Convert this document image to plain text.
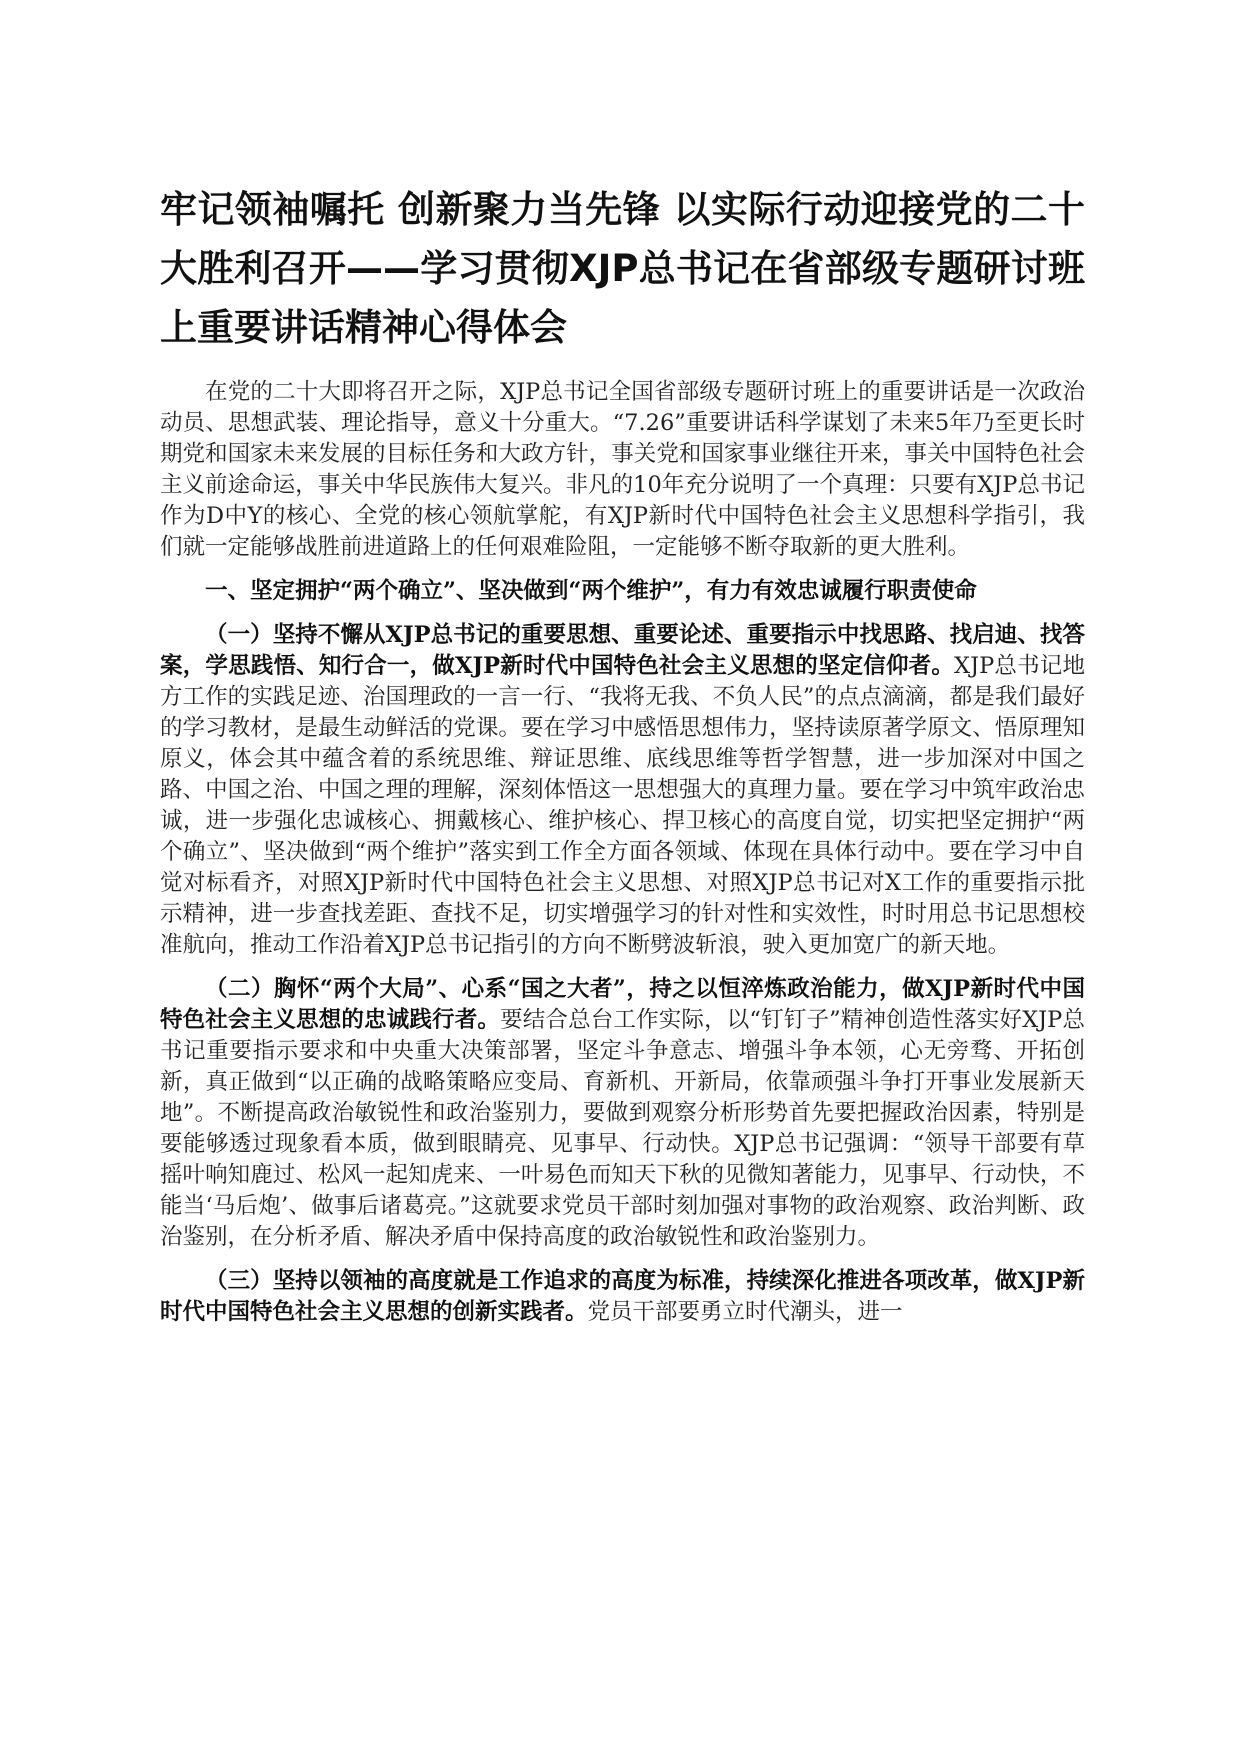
牢记领袖嘱托 创新聚力当先锋 以实际行动迎接党的二十大胜利召开——学习贯彻XJP总书记在省部级专题研讨班上重要讲话精神心得体会

在党的二十大即将召开之际，XJP总书记全国省部级专题研讨班上的重要讲话是一次政治动员、思想武装、理论指导，意义十分重大。“7.26”重要讲话科学谋划了未来5年乃至更长时期党和国家未来发展的目标任务和大政方针，事关党和国家事业继往开来，事关中国特色社会主义前途命运，事关中华民族伟大复兴。非凡的10年充分说明了一个真理：只要有XJP总书记作为D中Y的核心、全党的核心领航掌舵，有XJP新时代中国特色社会主义思想科学指引，我们就一定能够战胜前进道路上的任何艰难险阻，一定能够不断夺取新的更大胜利。

一、坚定拥护“两个确立”、坚决做到“两个维护”，有力有效忠诚履行职责使命

（一）坚持不懈从XJP总书记的重要思想、重要论述、重要指示中找思路、找启迪、找答案，学思践悟、知行合一，做XJP新时代中国特色社会主义思想的坚定信仰者。XJP总书记地方工作的实践足迹、治国理政的一言一行、“我将无我、不负人民”的点点滴滴，都是我们最好的学习教材，是最生动鲜活的党课。要在学习中感悟思想伟力，坚持读原著学原文、悟原理知原义，体会其中蕴含着的系统思维、辩证思维、底线思维等哲学智慧，进一步加深对中国之路、中国之治、中国之理的理解，深刻体悟这一思想强大的真理力量。要在学习中筑牢政治忠诚，进一步强化忠诚核心、拥戴核心、维护核心、捍卫核心的高度自觉，切实把坚定拥护“两个确立”、坚决做到“两个维护”落实到工作全方面各领域、体现在具体行动中。要在学习中自觉对标看齐，对照XJP新时代中国特色社会主义思想、对照XJP总书记对X工作的重要指示批示精神，进一步查找差距、查找不足，切实增强学习的针对性和实效性，时时用总书记思想校准航向，推动工作沿着XJP总书记指引的方向不断劈波斩浪，驶入更加宽广的新天地。

（二）胸怀“两个大局”、心系“国之大者”，持之以恒淬炼政治能力，做XJP新时代中国特色社会主义思想的忠诚践行者。要结合总台工作实际，以“钉钉子”精神创造性落实好XJP总书记重要指示要求和中央重大决策部署，坚定斗争意志、增强斗争本领，心无旁骛、开拓创新，真正做到“以正确的战略策略应变局、育新机、开新局，依靠顽强斗争打开事业发展新天地”。不断提高政治敏锐性和政治鉴别力，要做到观察分析形势首先要把握政治因素，特别是要能够透过现象看本质，做到眼睛亮、见事早、行动快。XJP总书记强调：“领导干部要有草摇叶响知鹿过、松风一起知虎来、一叶易色而知天下秋的见微知著能力，见事早、行动快，不能当‘马后炮’、做事后诸葛亮。”这就要求党员干部时刻加强对事物的政治观察、政治判断、政治鉴别，在分析矛盾、解决矛盾中保持高度的政治敏锐性和政治鉴别力。

（三）坚持以领袖的高度就是工作追求的高度为标准，持续深化推进各项改革，做XJP新时代中国特色社会主义思想的创新实践者。党员干部要勇立时代潮头，进一
